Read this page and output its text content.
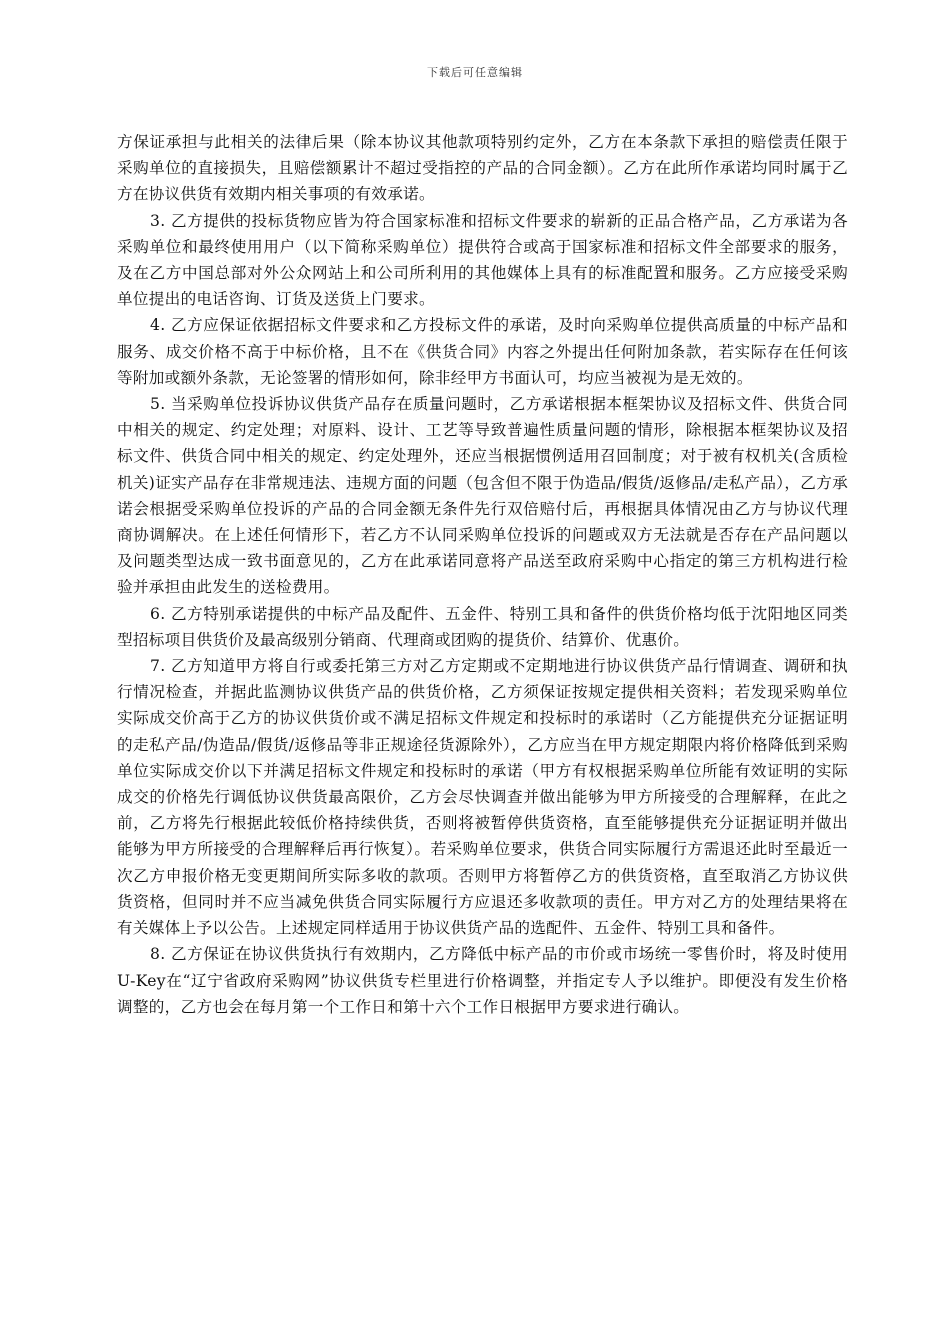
下载后可任意编辑

方保证承担与此相关的法律后果（除本协议其他款项特别约定外，乙方在本条款下承担的赔偿责任限于采购单位的直接损失，且赔偿额累计不超过受指控的产品的合同金额）。乙方在此所作承诺均同时属于乙方在协议供货有效期内相关事项的有效承诺。

3. 乙方提供的投标货物应皆为符合国家标准和招标文件要求的崭新的正品合格产品，乙方承诺为各采购单位和最终使用用户（以下简称采购单位）提供符合或高于国家标准和招标文件全部要求的服务，及在乙方中国总部对外公众网站上和公司所利用的其他媒体上具有的标准配置和服务。乙方应接受采购单位提出的电话咨询、订货及送货上门要求。

4. 乙方应保证依据招标文件要求和乙方投标文件的承诺，及时向采购单位提供高质量的中标产品和服务、成交价格不高于中标价格，且不在《供货合同》内容之外提出任何附加条款，若实际存在任何该等附加或额外条款，无论签署的情形如何，除非经甲方书面认可，均应当被视为是无效的。

5. 当采购单位投诉协议供货产品存在质量问题时，乙方承诺根据本框架协议及招标文件、供货合同中相关的规定、约定处理；对原料、设计、工艺等导致普遍性质量问题的情形，除根据本框架协议及招标文件、供货合同中相关的规定、约定处理外，还应当根据惯例适用召回制度；对于被有权机关(含质检机关)证实产品存在非常规违法、违规方面的问题（包含但不限于伪造品/假货/返修品/走私产品），乙方承诺会根据受采购单位投诉的产品的合同金额无条件先行双倍赔付后，再根据具体情况由乙方与协议代理商协调解决。在上述任何情形下，若乙方不认同采购单位投诉的问题或双方无法就是否存在产品问题以及问题类型达成一致书面意见的，乙方在此承诺同意将产品送至政府采购中心指定的第三方机构进行检验并承担由此发生的送检费用。

6. 乙方特别承诺提供的中标产品及配件、五金件、特别工具和备件的供货价格均低于沈阳地区同类型招标项目供货价及最高级别分销商、代理商或团购的提货价、结算价、优惠价。

7. 乙方知道甲方将自行或委托第三方对乙方定期或不定期地进行协议供货产品行情调查、调研和执行情况检查，并据此监测协议供货产品的供货价格，乙方须保证按规定提供相关资料；若发现采购单位实际成交价高于乙方的协议供货价或不满足招标文件规定和投标时的承诺时（乙方能提供充分证据证明的走私产品/伪造品/假货/返修品等非正规途径货源除外），乙方应当在甲方规定期限内将价格降低到采购单位实际成交价以下并满足招标文件规定和投标时的承诺（甲方有权根据采购单位所能有效证明的实际成交的价格先行调低协议供货最高限价，乙方会尽快调查并做出能够为甲方所接受的合理解释，在此之前，乙方将先行根据此较低价格持续供货，否则将被暂停供货资格，直至能够提供充分证据证明并做出能够为甲方所接受的合理解释后再行恢复）。若采购单位要求，供货合同实际履行方需退还此时至最近一次乙方申报价格无变更期间所实际多收的款项。否则甲方将暂停乙方的供货资格，直至取消乙方协议供货资格，但同时并不应当减免供货合同实际履行方应退还多收款项的责任。甲方对乙方的处理结果将在有关媒体上予以公告。上述规定同样适用于协议供货产品的选配件、五金件、特别工具和备件。

8. 乙方保证在协议供货执行有效期内，乙方降低中标产品的市价或市场统一零售价时，将及时使用U-Key在“辽宁省政府采购网”协议供货专栏里进行价格调整，并指定专人予以维护。即便没有发生价格调整的，乙方也会在每月第一个工作日和第十六个工作日根据甲方要求进行确认。
